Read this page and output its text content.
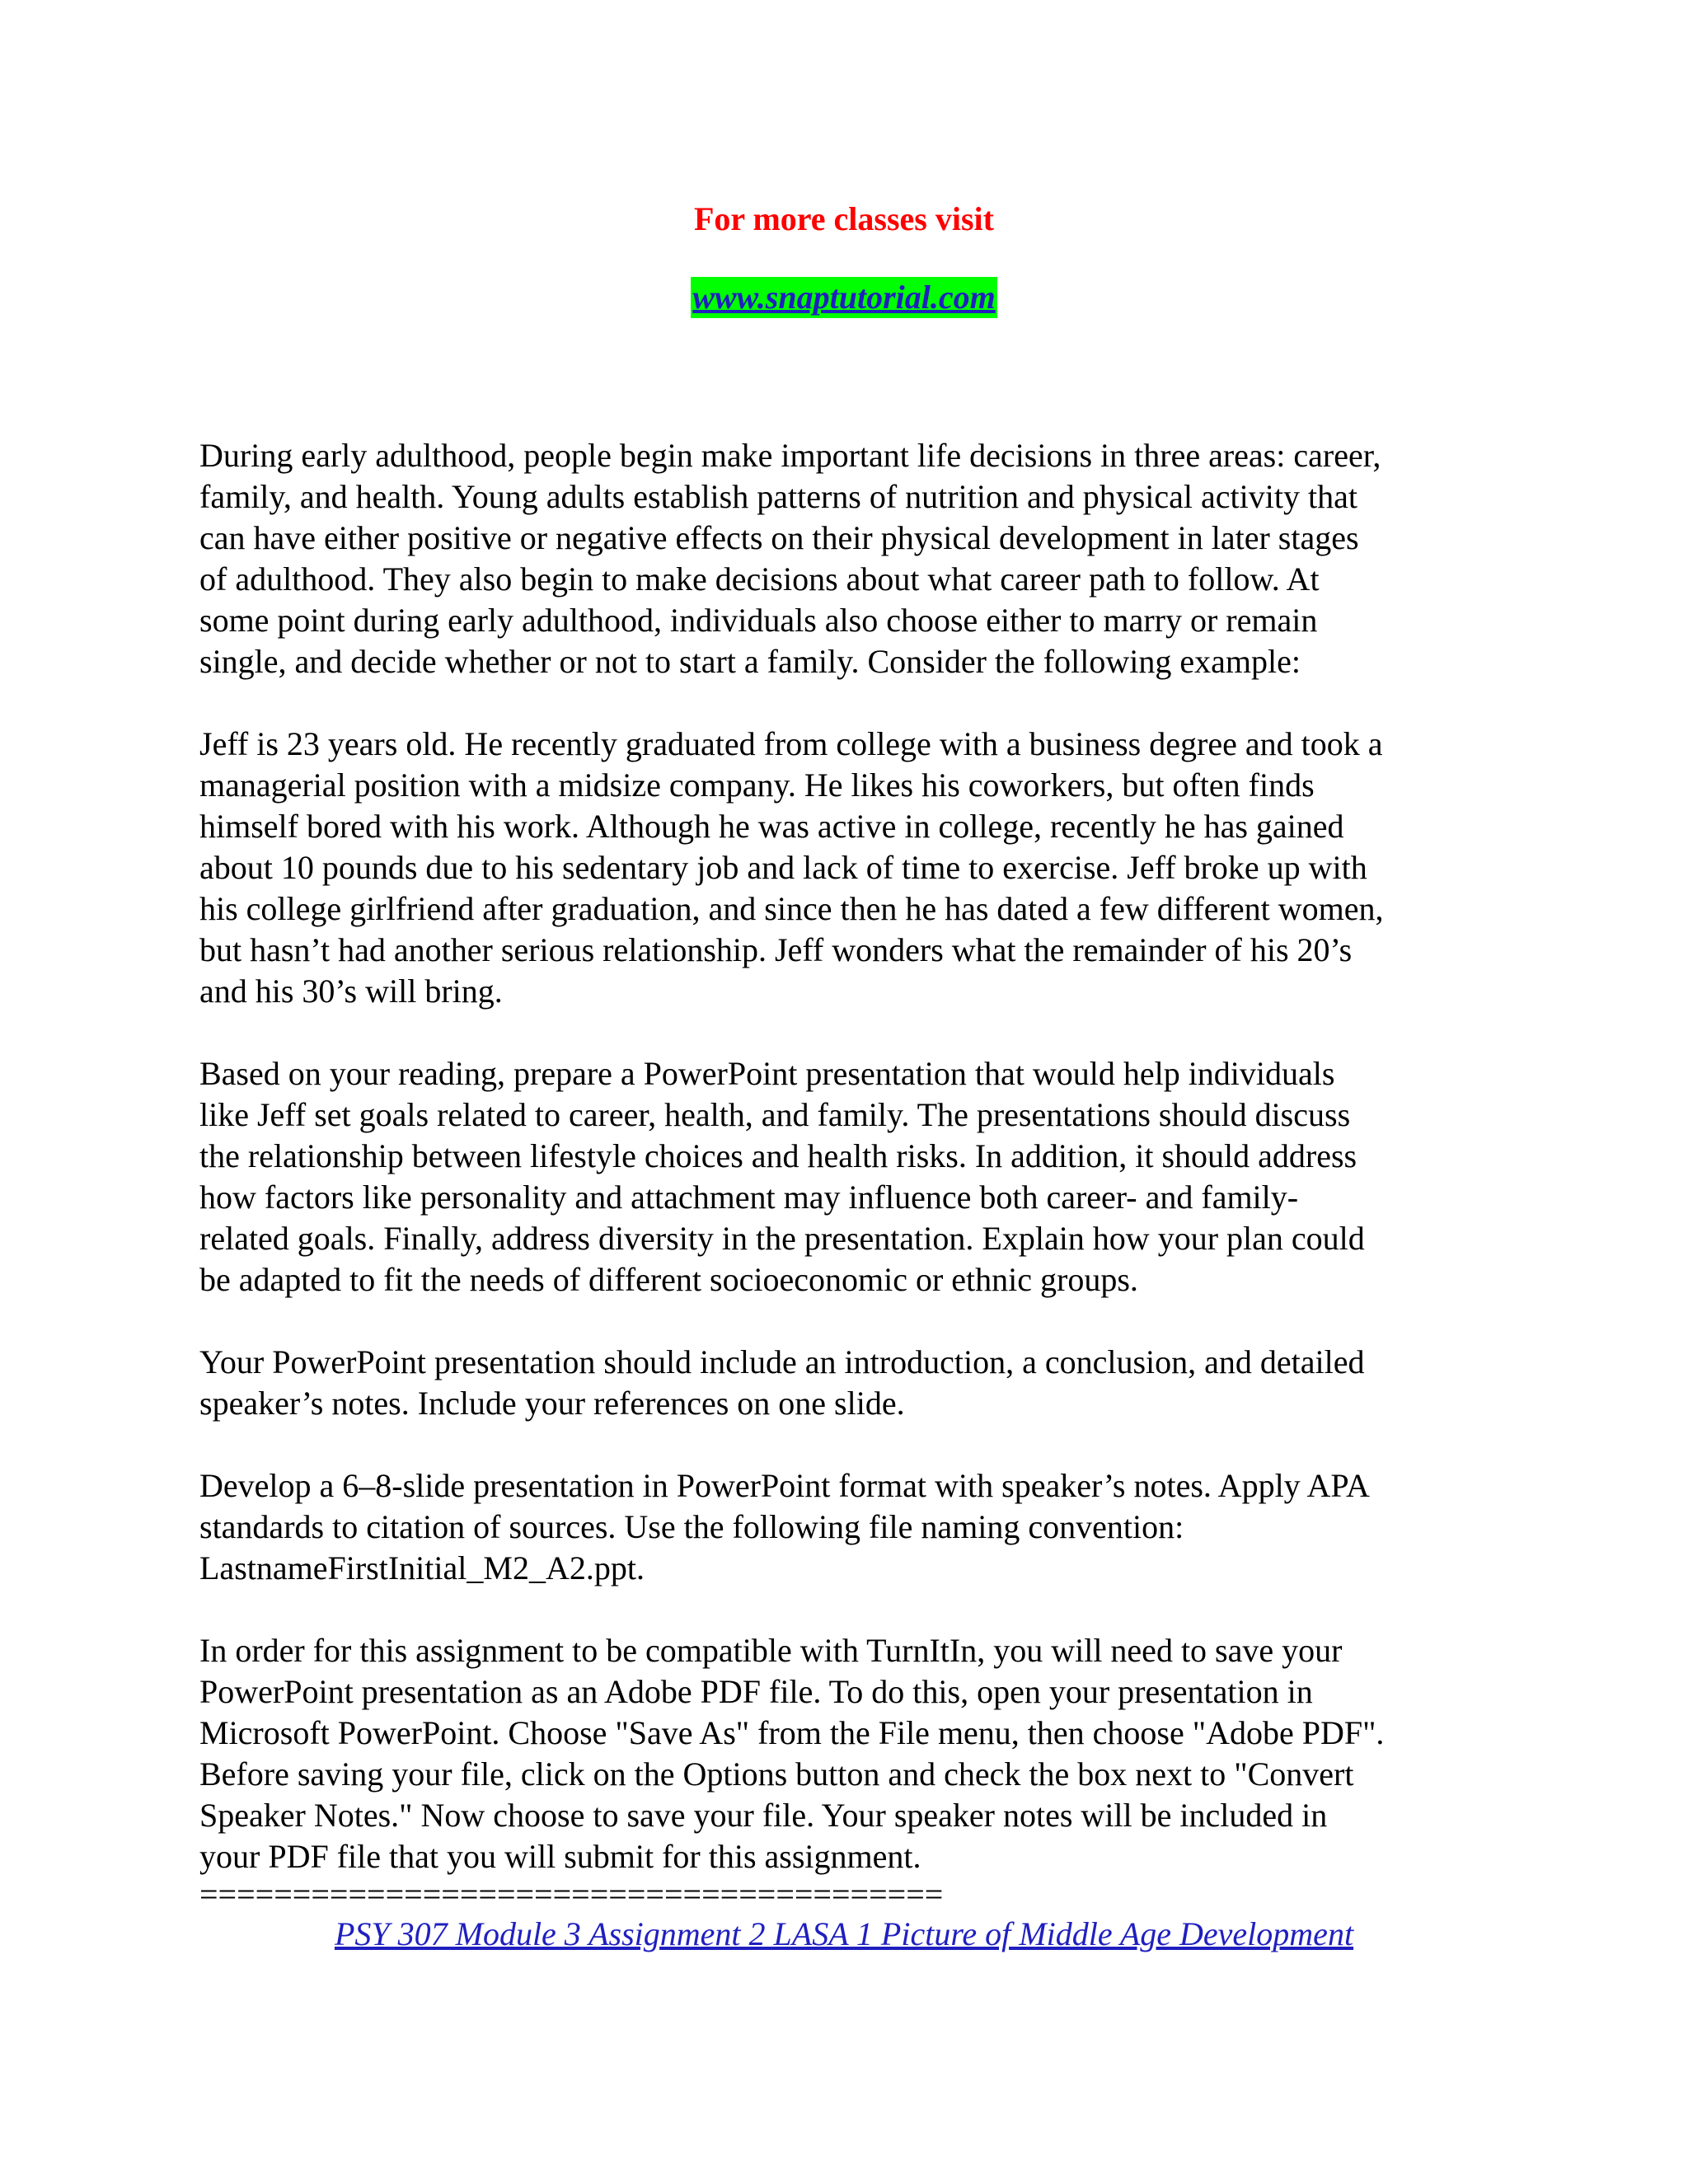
For more classes visit
www.snaptutorial.com
During early adulthood, people begin make important life decisions in three areas: career,
family, and health. Young adults establish patterns of nutrition and physical activity that
can have either positive or negative effects on their physical development in later stages
of adulthood. They also begin to make decisions about what career path to follow. At
some point during early adulthood, individuals also choose either to marry or remain
single, and decide whether or not to start a family. Consider the following example:
Jeff is 23 years old. He recently graduated from college with a business degree and took a
managerial position with a midsize company. He likes his coworkers, but often finds
himself bored with his work. Although he was active in college, recently he has gained
about 10 pounds due to his sedentary job and lack of time to exercise. Jeff broke up with
his college girlfriend after graduation, and since then he has dated a few different women,
but hasn’t had another serious relationship. Jeff wonders what the remainder of his 20’s
and his 30’s will bring.
Based on your reading, prepare a PowerPoint presentation that would help individuals
like Jeff set goals related to career, health, and family. The presentations should discuss
the relationship between lifestyle choices and health risks. In addition, it should address
how factors like personality and attachment may influence both career- and family-
related goals. Finally, address diversity in the presentation. Explain how your plan could
be adapted to fit the needs of different socioeconomic or ethnic groups.
Your PowerPoint presentation should include an introduction, a conclusion, and detailed
speaker’s notes. Include your references on one slide.
Develop a 6–8-slide presentation in PowerPoint format with speaker’s notes. Apply APA
standards to citation of sources. Use the following file naming convention:
LastnameFirstInitial_M2_A2.ppt.
In order for this assignment to be compatible with TurnItIn, you will need to save your
PowerPoint presentation as an Adobe PDF file. To do this, open your presentation in
Microsoft PowerPoint. Choose "Save As" from the File menu, then choose "Adobe PDF".
Before saving your file, click on the Options button and check the box next to "Convert
Speaker Notes." Now choose to save your file. Your speaker notes will be included in
your PDF file that you will submit for this assignment.
========================================
PSY 307 Module 3 Assignment 2 LASA 1 Picture of Middle Age Development
